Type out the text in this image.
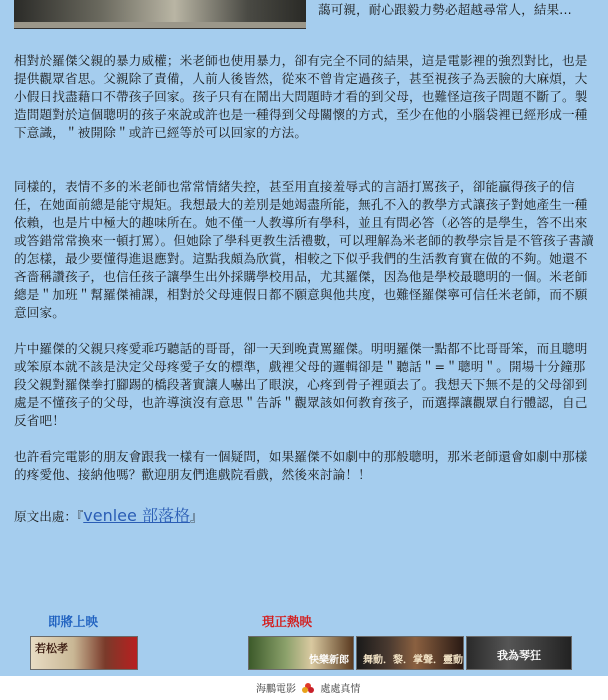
藹可親，耐心跟毅力勢必超越尋常人，結果...

相對於羅傑父親的暴力威權；米老師也使用暴力，卻有完全不同的結果，這是電影裡的強烈對比，也是提供觀眾省思。父親除了責備，人前人後皆然，從來不曾肯定過孩子，甚至視孩子為丟臉的大麻煩，大小假日找盡藉口不帶孩子回家。孩子只有在鬧出大問題時才看的到父母，也難怪這孩子問題不斷了。製造問題對於這個聰明的孩子來說或許也是一種得到父母關懷的方式，至少在他的小腦袋裡已經形成一種下意識，＂被開除＂或許已經等於可以回家的方法。

同樣的，表情不多的米老師也常常情緒失控，甚至用直接羞辱式的言語打罵孩子，卻能贏得孩子的信任，在她面前總是能守規矩。我想最大的差別是她竭盡所能，無孔不入的教學方式讓孩子對她產生一種依賴，也是片中極大的趣味所在。她不僅一人教導所有學科，並且有問必答（必答的是學生，答不出來或答錯常常換來一頓打罵）。但她除了學科更教生活禮數，可以理解為米老師的教學宗旨是不管孩子書讀的怎樣，最少要懂得進退應對。這點我頗為欣賞，相較之下似乎我們的生活教育實在做的不夠。她還不吝嗇稱讚孩子，也信任孩子讓學生出外採購學校用品，尤其羅傑，因為他是學校最聰明的一個。米老師總是＂加班＂幫羅傑補課，相對於父母連假日都不願意與他共度，也難怪羅傑寧可信任米老師，而不願意回家。

片中羅傑的父親只疼愛乖巧聽話的哥哥，卻一天到晚責罵羅傑。明明羅傑一點都不比哥哥笨，而且聰明或笨原本就不該是決定父母疼愛子女的標準，戲裡父母的邏輯卻是＂聽話＂=＂聰明＂。開場十分鐘那段父親對羅傑拳打腳踢的橋段著實讓人嚇出了眼淚，心疼到骨子裡頭去了。我想天下無不是的父母卻到處是不懂孩子的父母，也許導演沒有意思＂告訴＂觀眾該如何教育孩子，而選擇讓觀眾自行體認，自己反省吧！

也許看完電影的朋友會跟我一樣有一個疑問，如果羅傑不如劇中的那般聰明，那米老師還會如劇中那樣的疼愛他、接納他嗎？歡迎朋友們進戲院看戲，然後來討論！！

原文出處：『venlee 部落格』
即將上映	現正熱映
若松孝
快樂新郎 舞動．黎．掌聲．靈動	我為琴狂
海鵬電影 處處真情
